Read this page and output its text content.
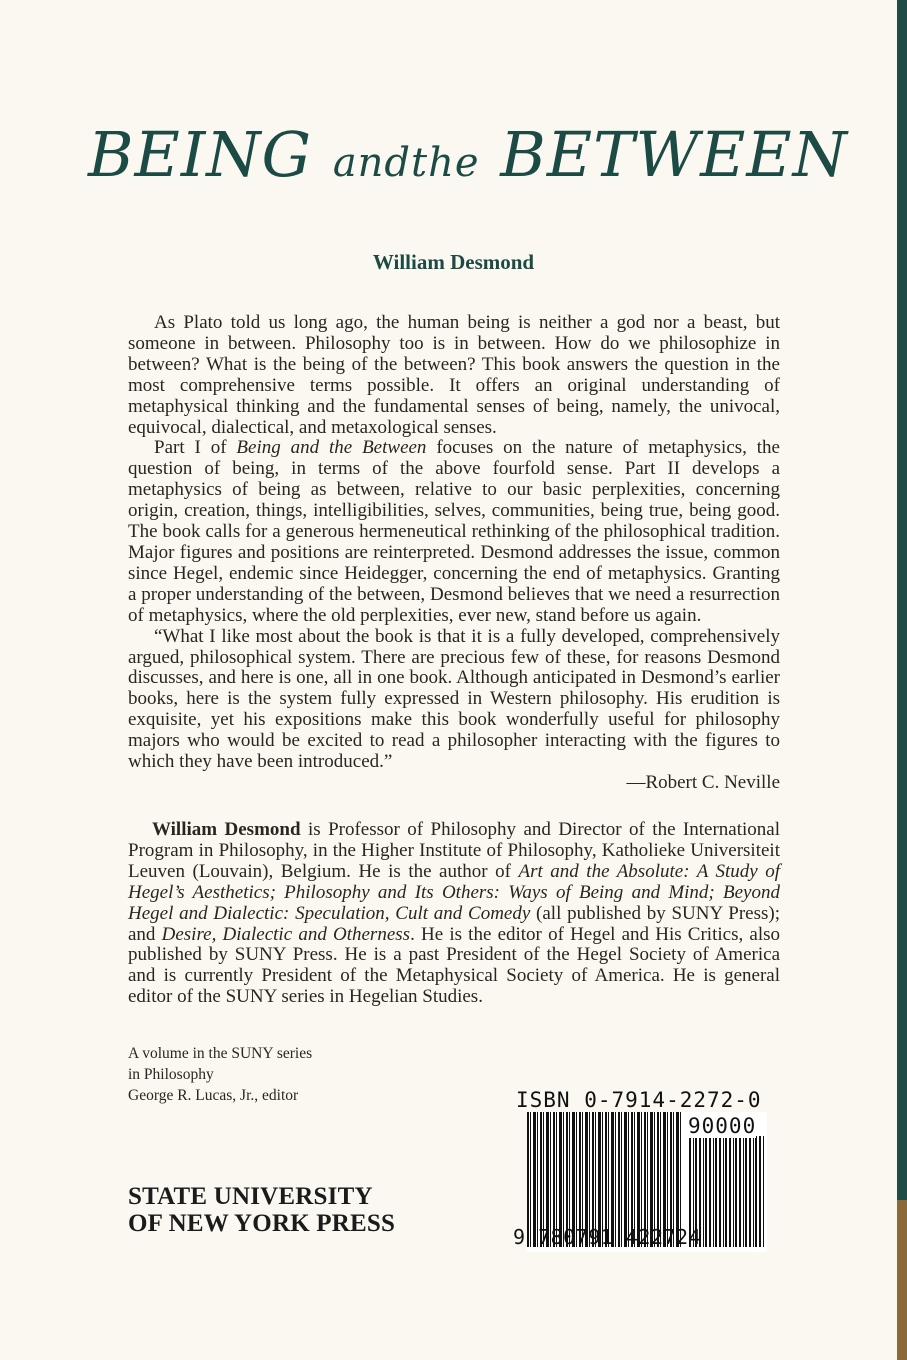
BEING andthe BETWEEN
William Desmond

As Plato told us long ago, the human being is neither a god nor a beast, but someone in between. Philosophy too is in between. How do we philosophize in between? What is the being of the between? This book answers the question in the most comprehensive terms possible. It offers an original understanding of metaphysical thinking and the fundamental senses of being, namely, the univocal, equivocal, dialectical, and metaxological senses.

Part I of Being and the Between focuses on the nature of metaphysics, the question of being, in terms of the above fourfold sense. Part II develops a metaphysics of being as between, relative to our basic perplexities, concerning origin, creation, things, intelligibilities, selves, communities, being true, being good. The book calls for a generous hermeneutical rethinking of the philosophical tradition. Major figures and positions are reinterpreted. Desmond addresses the issue, common since Hegel, endemic since Heidegger, concerning the end of metaphysics. Granting a proper understanding of the between, Desmond believes that we need a resurrection of metaphysics, where the old perplexities, ever new, stand before us again.

“What I like most about the book is that it is a fully developed, comprehensively argued, philosophical system. There are precious few of these, for reasons Desmond discusses, and here is one, all in one book. Although anticipated in Desmond’s earlier books, here is the system fully expressed in Western philosophy. His erudition is exquisite, yet his expositions make this book wonderfully useful for philosophy majors who would be excited to read a philosopher interacting with the figures to which they have been introduced.”

—Robert C. Neville

William Desmond is Professor of Philosophy and Director of the International Program in Philosophy, in the Higher Institute of Philosophy, Katholieke Universiteit Leuven (Louvain), Belgium. He is the author of Art and the Absolute: A Study of Hegel’s Aesthetics; Philosophy and Its Others: Ways of Being and Mind; Beyond Hegel and Dialectic: Speculation, Cult and Comedy (all published by SUNY Press); and Desire, Dialectic and Otherness. He is the editor of Hegel and His Critics, also published by SUNY Press. He is a past President of the Hegel Society of America and is currently President of the Metaphysical Society of America. He is general editor of the SUNY series in Hegelian Studies.

A volume in the SUNY series
in Philosophy
George R. Lucas, Jr., editor
STATE UNIVERSITY
OF NEW YORK PRESS
ISBN 0-7914-2272-0
90000
9 780791 422724
